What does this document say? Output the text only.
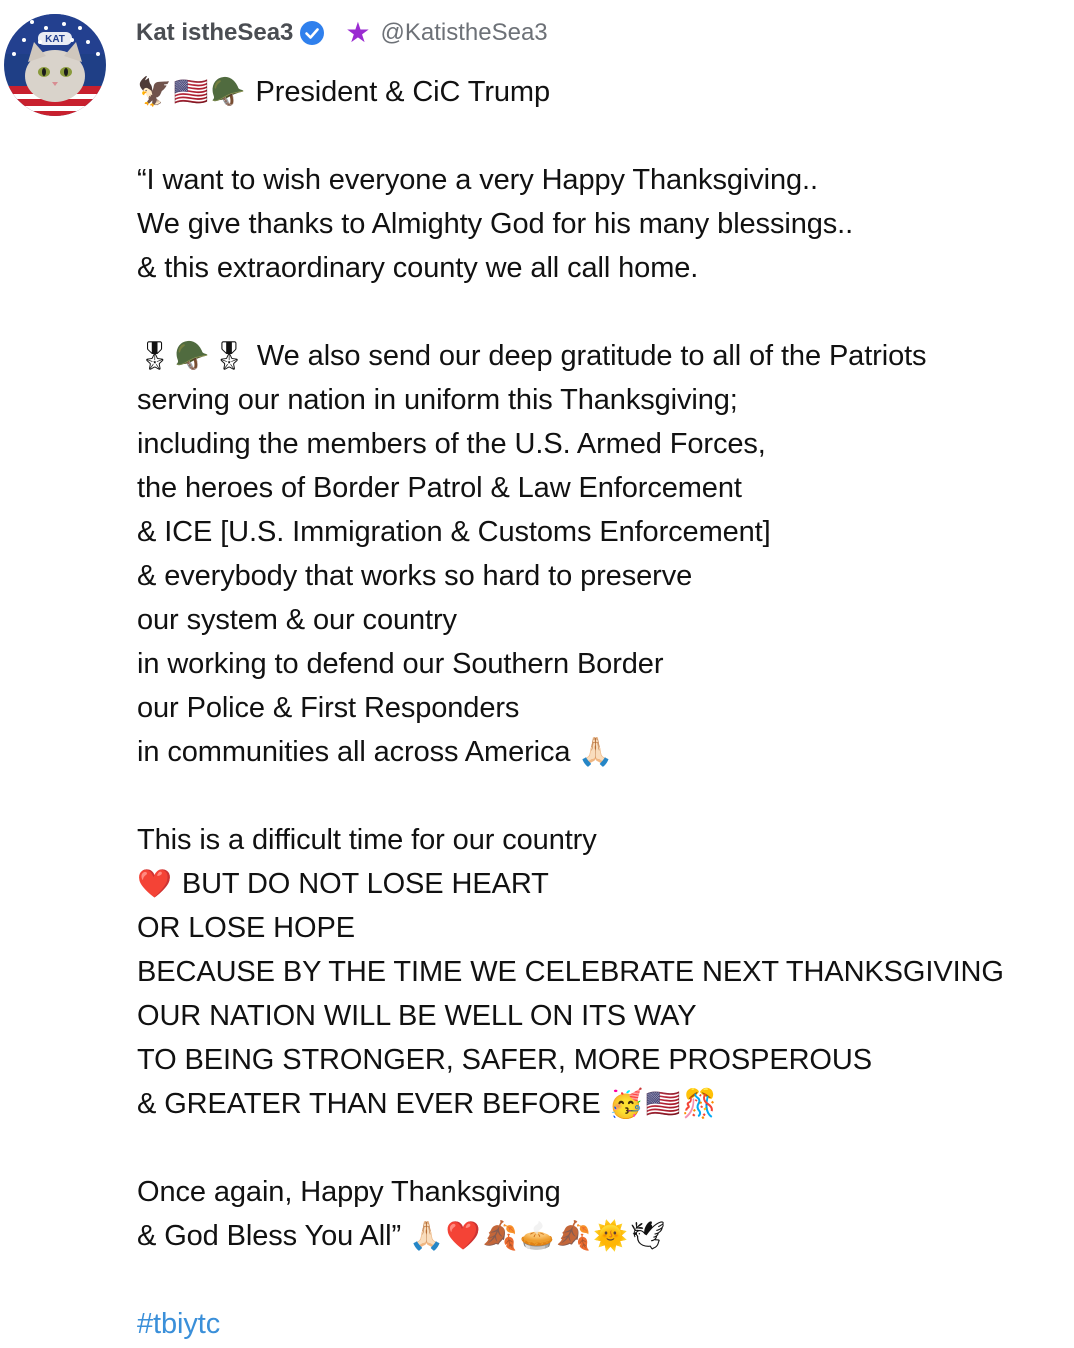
KAT	Kat istheSea3 ★ @KatistheSea3
🦅🇺🇸🪖 President & CiC Trump
“I want to wish everyone a very Happy Thanksgiving..
We give thanks to Almighty God for his many blessings..
& this extraordinary county we all call home.
🎖🪖🎖 We also send our deep gratitude to all of the Patriots
serving our nation in uniform this Thanksgiving;
including the members of the U.S. Armed Forces,
the heroes of Border Patrol & Law Enforcement
& ICE [U.S. Immigration & Customs Enforcement]
& everybody that works so hard to preserve
our system & our country
in working to defend our Southern Border
our Police & First Responders
in communities all across America 🙏🏻
This is a difficult time for our country
❤️ BUT DO NOT LOSE HEART
OR LOSE HOPE
BECAUSE BY THE TIME WE CELEBRATE NEXT THANKSGIVING
OUR NATION WILL BE WELL ON ITS WAY
TO BEING STRONGER, SAFER, MORE PROSPEROUS
& GREATER THAN EVER BEFORE 🥳🇺🇸🎊
Once again, Happy Thanksgiving
& God Bless You All” 🙏🏻❤️🍂🥧🍂🌞🕊
#tbiytc
